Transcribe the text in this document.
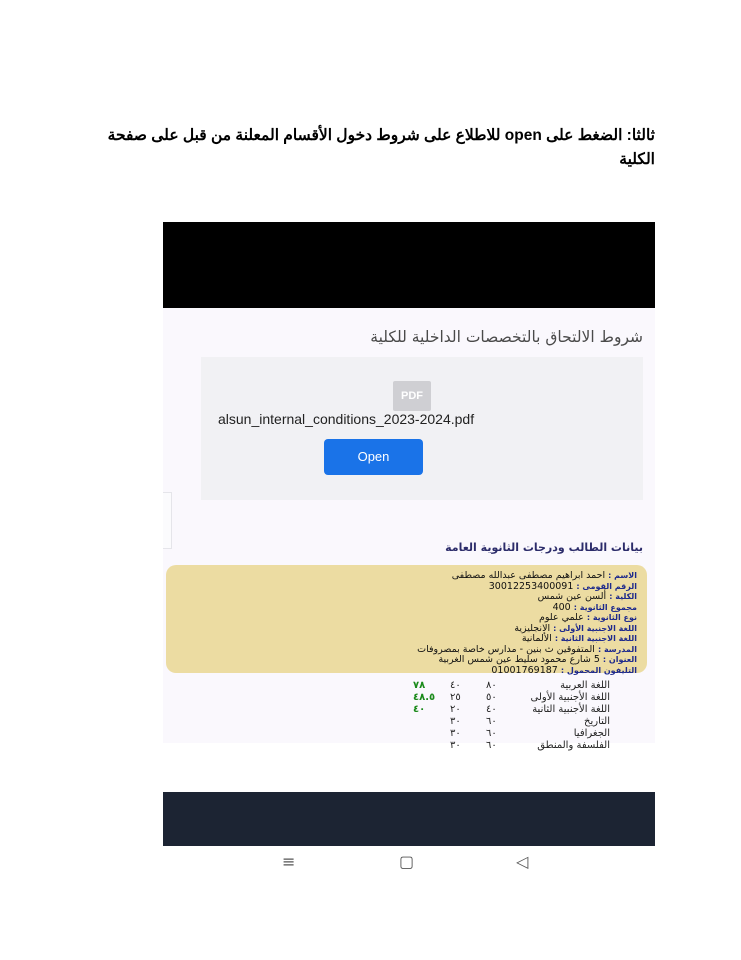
ثالثا: الضغط على open للاطلاع على شروط دخول الأقسام المعلنة من قبل على صفحة الكلية
شروط الالتحاق بالتخصصات الداخلية للكلية
PDF
alsun_internal_conditions_2023-2024.pdf
Open
بيانات الطالب ودرجات الثانوية العامة
الاسم : احمد ابراهيم مصطفى عبدالله مصطفى
الرقم القومى : 30012253400091
الكلية : ألسن عين شمس
مجموع الثانوية : 400
نوع الثانوية : علمي علوم
اللغة الاجنبية الأولى : الانجليزية
اللغة الاجنبية الثانية : الألمانية
المدرسة : المتفوقين ث بنين - مدارس خاصة بمصروفات
العنوان : 5 شارع محمود سليط عين شمس الغربية
التليفون المحمول : 01001769187
اللغة العربية
٨٠
٤٠
٧٨
اللغة الأجنبية الأولى
٥٠
٢٥
٤٨.٥
اللغة الأجنبية الثانية
٤٠
٢٠
٤٠
التاريخ
٦٠
٣٠
الجغرافيا
٦٠
٣٠
الفلسفة والمنطق
٦٠
٣٠
≡	▢	◁
